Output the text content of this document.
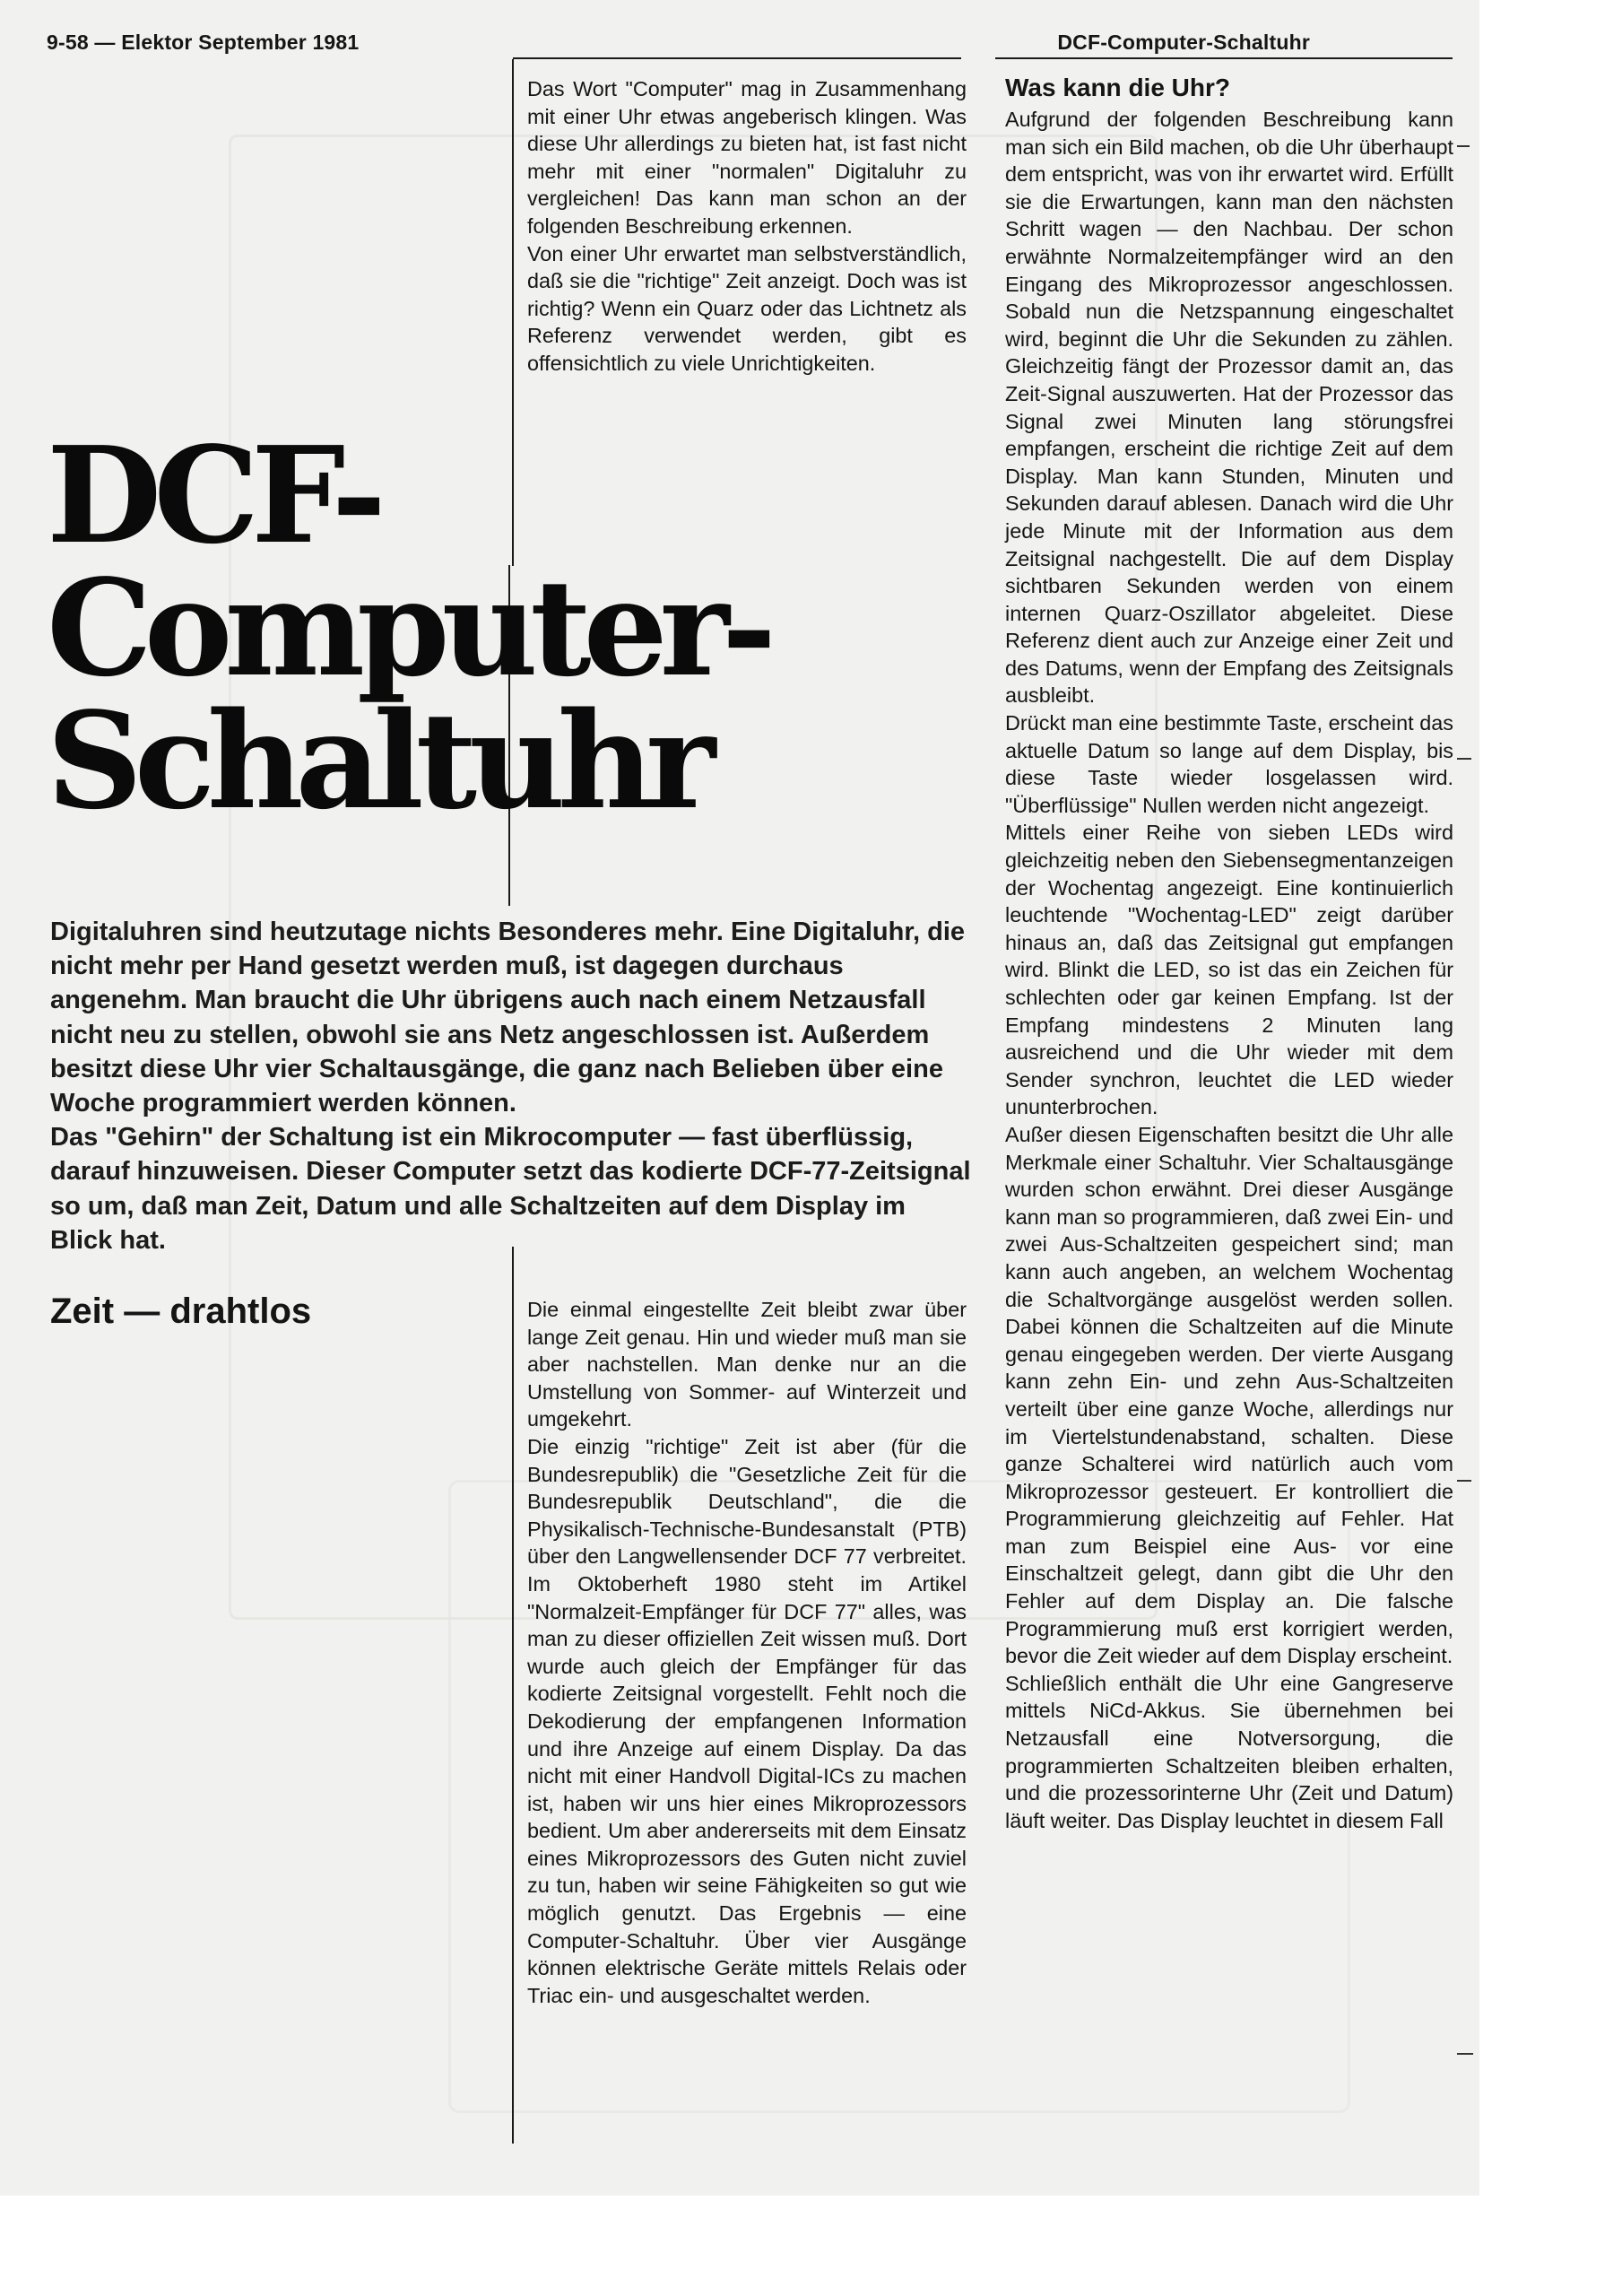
9-58 — Elektor September 1981	DCF-Computer-Schaltuhr
DCF-
Computer-
Schaltuhr

Das Wort "Computer" mag in Zusammenhang mit einer Uhr etwas angeberisch klingen. Was diese Uhr allerdings zu bieten hat, ist fast nicht mehr mit einer "normalen" Digitaluhr zu vergleichen! Das kann man schon an der folgenden Beschreibung erkennen.

Von einer Uhr erwartet man selbstverständlich, daß sie die "richtige" Zeit anzeigt. Doch was ist richtig? Wenn ein Quarz oder das Lichtnetz als Referenz verwendet werden, gibt es offensichtlich zu viele Unrichtigkeiten.

Digitaluhren sind heutzutage nichts Besonderes mehr. Eine Digitaluhr, die nicht mehr per Hand gesetzt werden muß, ist dagegen durchaus angenehm. Man braucht die Uhr übrigens auch nach einem Netzausfall nicht neu zu stellen, obwohl sie ans Netz angeschlossen ist. Außerdem besitzt diese Uhr vier Schaltausgänge, die ganz nach Belieben über eine Woche programmiert werden können.

Das "Gehirn" der Schaltung ist ein Mikrocomputer — fast überflüssig, darauf hinzuweisen. Dieser Computer setzt das kodierte DCF-77-Zeitsignal so um, daß man Zeit, Datum und alle Schaltzeiten auf dem Display im Blick hat.

Zeit — drahtlos	Die einmal eingestellte Zeit bleibt zwar über lange Zeit genau. Hin und wieder muß man sie aber nachstellen. Man denke nur an die Umstellung von Sommer- auf Winterzeit und umgekehrt.

Die einzig "richtige" Zeit ist aber (für die Bundesrepublik) die "Gesetzliche Zeit für die Bundesrepublik Deutschland", die die Physikalisch-Technische-Bundesanstalt (PTB) über den Langwellensender DCF 77 verbreitet. Im Oktoberheft 1980 steht im Artikel "Normalzeit-Empfänger für DCF 77" alles, was man zu dieser offiziellen Zeit wissen muß. Dort wurde auch gleich der Empfänger für das kodierte Zeitsignal vorgestellt. Fehlt noch die Dekodierung der empfangenen Information und ihre Anzeige auf einem Display. Da das nicht mit einer Handvoll Digital-ICs zu machen ist, haben wir uns hier eines Mikroprozessors bedient. Um aber andererseits mit dem Einsatz eines Mikroprozessors des Guten nicht zuviel zu tun, haben wir seine Fähigkeiten so gut wie möglich genutzt. Das Ergebnis — eine Computer-Schaltuhr. Über vier Ausgänge können elektrische Geräte mittels Relais oder Triac ein- und ausgeschaltet werden.

Was kann die Uhr?

Aufgrund der folgenden Beschreibung kann man sich ein Bild machen, ob die Uhr überhaupt dem entspricht, was von ihr erwartet wird. Erfüllt sie die Erwartungen, kann man den nächsten Schritt wagen — den Nachbau. Der schon erwähnte Normalzeitempfänger wird an den Eingang des Mikroprozessor angeschlossen. Sobald nun die Netzspannung eingeschaltet wird, beginnt die Uhr die Sekunden zu zählen. Gleichzeitig fängt der Prozessor damit an, das Zeit-Signal auszuwerten. Hat der Prozessor das Signal zwei Minuten lang störungsfrei empfangen, erscheint die richtige Zeit auf dem Display. Man kann Stunden, Minuten und Sekunden darauf ablesen. Danach wird die Uhr jede Minute mit der Information aus dem Zeitsignal nachgestellt. Die auf dem Display sichtbaren Sekunden werden von einem internen Quarz-Oszillator abgeleitet. Diese Referenz dient auch zur Anzeige einer Zeit und des Datums, wenn der Empfang des Zeitsignals ausbleibt.

Drückt man eine bestimmte Taste, erscheint das aktuelle Datum so lange auf dem Display, bis diese Taste wieder losgelassen wird. "Überflüssige" Nullen werden nicht angezeigt.

Mittels einer Reihe von sieben LEDs wird gleichzeitig neben den Siebensegmentanzeigen der Wochentag angezeigt. Eine kontinuierlich leuchtende "Wochentag-LED" zeigt darüber hinaus an, daß das Zeitsignal gut empfangen wird. Blinkt die LED, so ist das ein Zeichen für schlechten oder gar keinen Empfang. Ist der Empfang mindestens 2 Minuten lang ausreichend und die Uhr wieder mit dem Sender synchron, leuchtet die LED wieder ununterbrochen.

Außer diesen Eigenschaften besitzt die Uhr alle Merkmale einer Schaltuhr. Vier Schaltausgänge wurden schon erwähnt. Drei dieser Ausgänge kann man so programmieren, daß zwei Ein- und zwei Aus-Schaltzeiten gespeichert sind; man kann auch angeben, an welchem Wochentag die Schaltvorgänge ausgelöst werden sollen. Dabei können die Schaltzeiten auf die Minute genau eingegeben werden. Der vierte Ausgang kann zehn Ein- und zehn Aus-Schaltzeiten verteilt über eine ganze Woche, allerdings nur im Viertelstundenabstand, schalten. Diese ganze Schalterei wird natürlich auch vom Mikroprozessor gesteuert. Er kontrolliert die Programmierung gleichzeitig auf Fehler. Hat man zum Beispiel eine Aus- vor eine Einschaltzeit gelegt, dann gibt die Uhr den Fehler auf dem Display an. Die falsche Programmierung muß erst korrigiert werden, bevor die Zeit wieder auf dem Display erscheint.

Schließlich enthält die Uhr eine Gangreserve mittels NiCd-Akkus. Sie übernehmen bei Netzausfall eine Notversorgung, die programmierten Schaltzeiten bleiben erhalten, und die prozessorinterne Uhr (Zeit und Datum) läuft weiter. Das Display leuchtet in diesem Fall
